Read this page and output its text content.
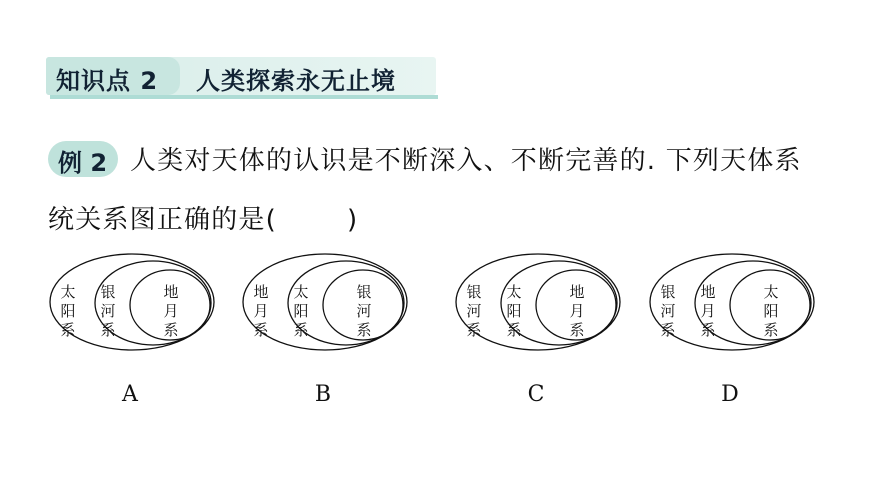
知识点 2 人类探索永无止境
例 2 人类对天体的认识是不断深入、不断完善的. 下列天体系
统关系图正确的是(	)
太
阳
系
银
河
系
地
月
系
A
地
月
系
太
阳
系
银
河
系
B
银
河
系
太
阳
系
地
月
系
C
银
河
系
地
月
系
太
阳
系
D
